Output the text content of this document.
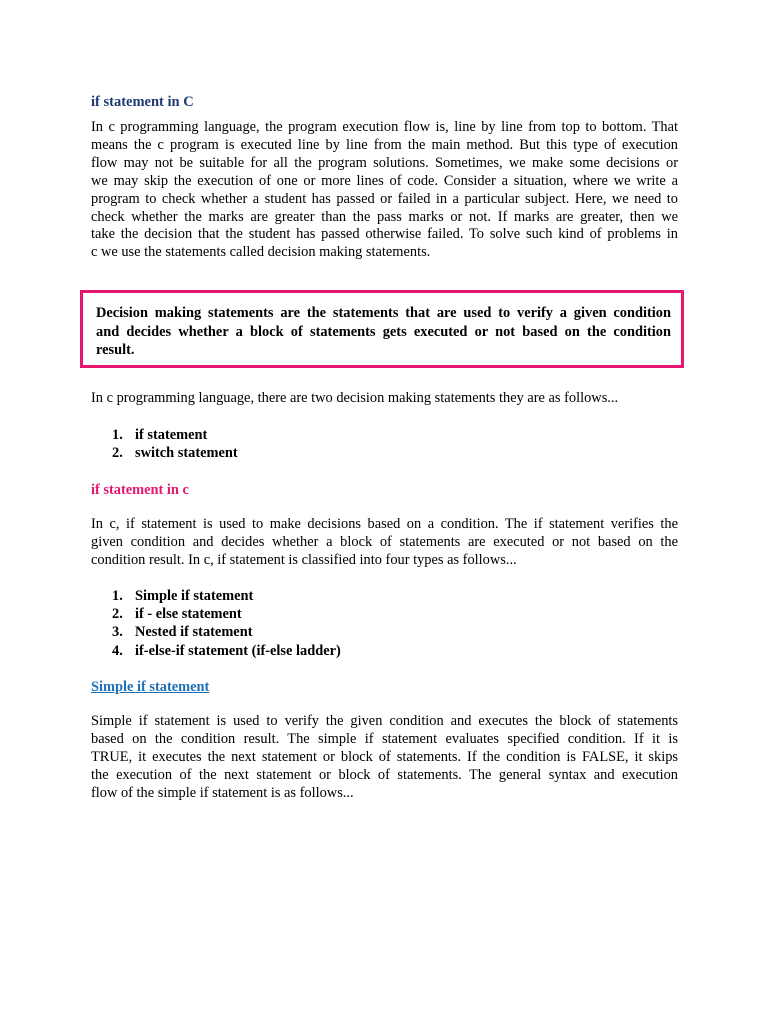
if statement in C
In c programming language, the program execution flow is, line by line from top to bottom. That
means the c program is executed line by line from the main method. But this type of execution
flow may not be suitable for all the program solutions. Sometimes, we make some decisions or
we may skip the execution of one or more lines of code. Consider a situation, where we write a
program to check whether a student has passed or failed in a particular subject. Here, we need to
check whether the marks are greater than the pass marks or not. If marks are greater, then we
take the decision that the student has passed otherwise failed. To solve such kind of problems in
c we use the statements called decision making statements.

Decision making statements are the statements that are used to verify a given condition

and decides whether a block of statements gets executed or not based on the condition

result.

In c programming language, there are two decision making statements they are as follows...

1. if statement
2. switch statement
if statement in c
In c, if statement is used to make decisions based on a condition. The if statement verifies the
given condition and decides whether a block of statements are executed or not based on the
condition result. In c, if statement is classified into four types as follows...
1. Simple if statement
2. if - else statement
3. Nested if statement
4. if-else-if statement (if-else ladder)
Simple if statement
Simple if statement is used to verify the given condition and executes the block of statements
based on the condition result. The simple if statement evaluates specified condition. If it is
TRUE, it executes the next statement or block of statements. If the condition is FALSE, it skips
the execution of the next statement or block of statements. The general syntax and execution
flow of the simple if statement is as follows...
